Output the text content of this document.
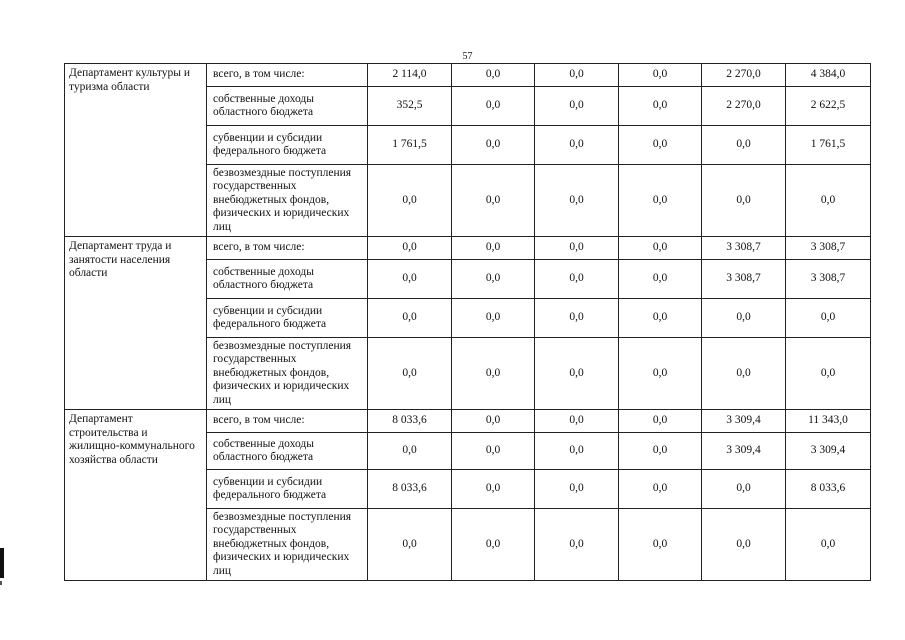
57
Департамент культуры и туризма области	всего, в том числе:	2 114,0	0,0	0,0	0,0	2 270,0	4 384,0
	собственные доходы областного бюджета	352,5	0,0	0,0	0,0	2 270,0	2 622,5
	субвенции и субсидии федерального бюджета	1 761,5	0,0	0,0	0,0	0,0	1 761,5
	безвозмездные поступления государственных внебюджетных фондов, физических и юридических лиц	0,0	0,0	0,0	0,0	0,0	0,0
Департамент труда и занятости населения области	всего, в том числе:	0,0	0,0	0,0	0,0	3 308,7	3 308,7
	собственные доходы областного бюджета	0,0	0,0	0,0	0,0	3 308,7	3 308,7
	субвенции и субсидии федерального бюджета	0,0	0,0	0,0	0,0	0,0	0,0
	безвозмездные поступления государственных внебюджетных фондов, физических и юридических лиц	0,0	0,0	0,0	0,0	0,0	0,0
Департамент строительства и жилищно-коммунального хозяйства области	всего, в том числе:	8 033,6	0,0	0,0	0,0	3 309,4	11 343,0
	собственные доходы областного бюджета	0,0	0,0	0,0	0,0	3 309,4	3 309,4
	субвенции и субсидии федерального бюджета	8 033,6	0,0	0,0	0,0	0,0	8 033,6
	безвозмездные поступления государственных внебюджетных фондов, физических и юридических лиц	0,0	0,0	0,0	0,0	0,0	0,0
